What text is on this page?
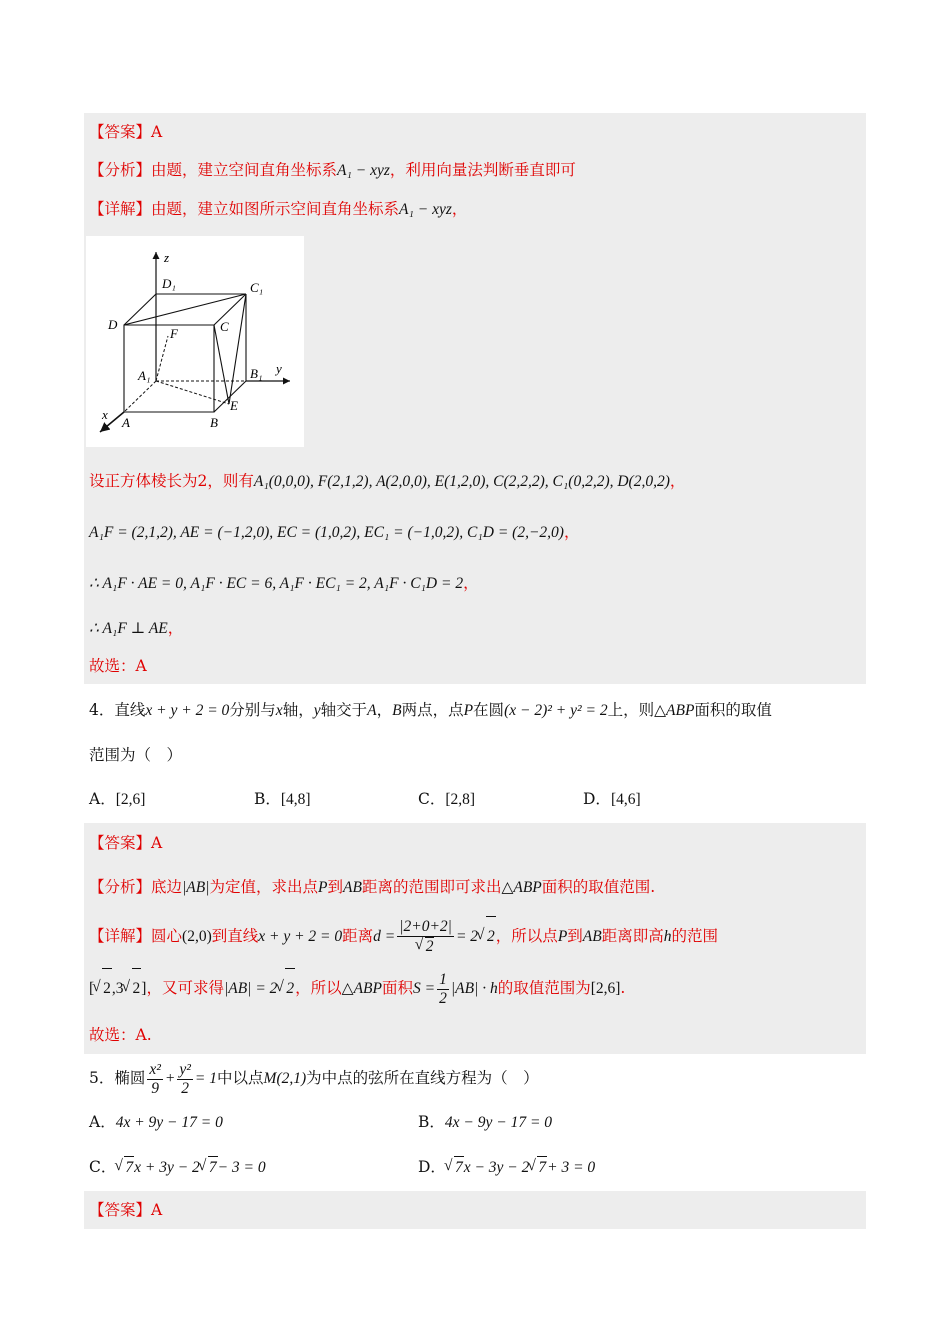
【答案】A
【分析】由题，建立空间直角坐标系A₁ − xyz，利用向量法判断垂直即可
【详解】由题，建立如图所示空间直角坐标系A₁ − xyz，
z
D₁	C₁
D	C
F
A₁	B₁ y
E
x
A	B
设正方体棱长为2，则有A₁(0,0,0), F(2,1,2), A(2,0,0), E(1,2,0), C(2,2,2), C₁(0,2,2), D(2,0,2)，
A₁F = (2,1,2), AE = (−1,2,0), EC = (1,0,2), EC₁ = (−1,0,2), C₁D = (2,−2,0)，
∴ A₁F · AE = 0, A₁F · EC = 6, A₁F · EC₁ = 2, A₁F · C₁D = 2，
∴ A₁F ⊥ AE，
故选：A
4．直线x + y + 2 = 0分别与x轴，y轴交于A，B两点，点P在圆(x − 2)² + y² = 2上，则△ABP面积的取值
范围为（　）
A．[2,6]	B．[4,8]	C．[2,8]	D．[4,6]
【答案】A
【分析】底边|AB|为定值，求出点P到AB距离的范围即可求出△ABP面积的取值范围.
【详解】圆心(2,0)到直线x + y + 2 = 0距离d = |2+0+2|
√ 2 = 2 √ 2，所以点P到AB距离即高h的范围
[ √ 2,3 √ 2]，又可求得|AB| = 2 √ 2，所以△ABP面积$S = \frac{1}{2} |AB| \cdot h$的取值范围为[2,6].
故选：A.
5．椭圆 $\frac{\text{x²}}{9} + \frac{\text{y²}}{2} = 1$中以点M(2,1)为中点的弦所在直线方程为（　）
A．4x + 9y − 17 = 0	B．4x − 9y − 17 = 0
C． √ 7x + 3y − 2 √ 7− 3 = 0	D． √ 7x − 3y − 2 √ 7+ 3 = 0
【答案】A
